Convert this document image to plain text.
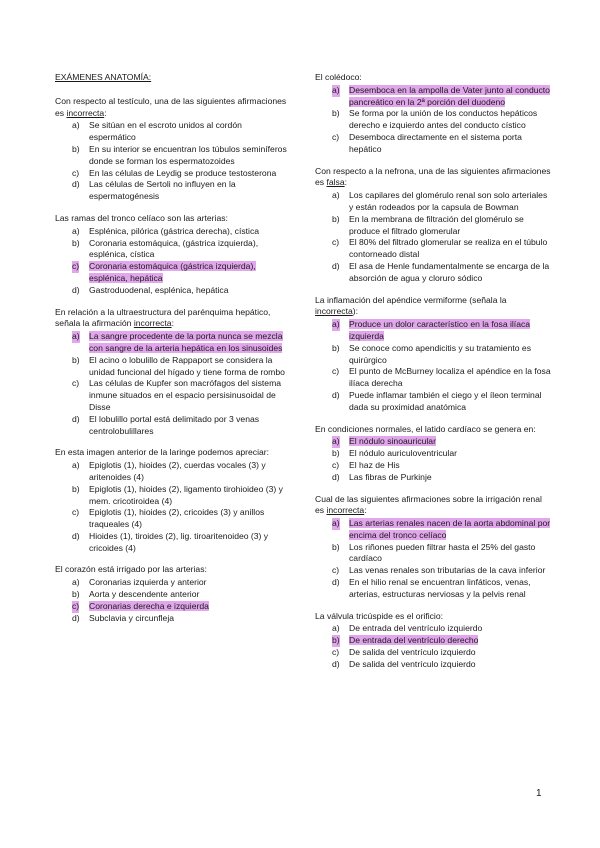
EXÁMENES ANATOMÍA:
Con respecto al testículo, una de las siguientes afirmaciones es incorrecta:
a) Se sitúan en el escroto unidos al cordón espermático
b) En su interior se encuentran los túbulos seminíferos donde se forman los espermatozoides
c) En las células de Leydig se produce testosterona
d) Las células de Sertoli no influyen en la espermatogénesis
Las ramas del tronco celíaco son las arterias:
a) Esplénica, pilórica (gástrica derecha), cística
b) Coronaria estomáquica, (gástrica izquierda), esplénica, cística
c) Coronaria estomáquica (gástrica izquierda), esplénica, hepática
d) Gastroduodenal, esplénica, hepática
En relación a la ultraestructura del parénquima hepático, señala la afirmación incorrecta:
a) La sangre procedente de la porta nunca se mezcla con sangre de la arteria hepática en los sinusoides
b) El acino o lobulillo de Rappaport se considera la unidad funcional del hígado y tiene forma de rombo
c) Las células de Kupfer son macrófagos del sistema inmune situados en el espacio persisinusoidal de Disse
d) El lobulillo portal está delimitado por 3 venas centrolobulillares
En esta imagen anterior de la laringe podemos apreciar:
a) Epiglotis (1), hioides (2), cuerdas vocales (3) y aritenoides (4)
b) Epiglotis (1), hioides (2), ligamento tirohioideo (3) y mem. cricotiroidea (4)
c) Epiglotis (1), hioides (2), cricoides (3) y anillos traqueales (4)
d) Hioides (1), tiroides (2), lig. tiroaritenoideo (3) y cricoides (4)
El corazón está irrigado por las arterias:
a) Coronarias izquierda y anterior
b) Aorta y descendente anterior
c) Coronarias derecha e izquierda
d) Subclavia y circunfleja
El colédoco:
a) Desemboca en la ampolla de Vater junto al conducto pancreático en la 2ª porción del duodeno
b) Se forma por la unión de los conductos hepáticos derecho e izquierdo antes del conducto cístico
c) Desemboca directamente en el sistema porta hepático
Con respecto a la nefrona, una de las siguientes afirmaciones es falsa:
a) Los capilares del glomérulo renal son solo arteriales y están rodeados por la capsula de Bowman
b) En la membrana de filtración del glomérulo se produce el filtrado glomerular
c) El 80% del filtrado glomerular se realiza en el túbulo contorneado distal
d) El asa de Henle fundamentalmente se encarga de la absorción de agua y cloruro sódico
La inflamación del apéndice vermiforme (señala la incorrecta):
a) Produce un dolor característico en la fosa ilíaca izquierda
b) Se conoce como apendicitis y su tratamiento es quirúrgico
c) El punto de McBurney localiza el apéndice en la fosa ilíaca derecha
d) Puede inflamar también el ciego y el íleon terminal dada su proximidad anatómica
En condiciones normales, el latido cardíaco se genera en:
a) El nódulo sinoauricular
b) El nódulo auriculoventricular
c) El haz de His
d) Las fibras de Purkinje
Cual de las siguientes afirmaciones sobre la irrigación renal es incorrecta:
a) Las arterias renales nacen de la aorta abdominal por encima del tronco celíaco
b) Los riñones pueden filtrar hasta el 25% del gasto cardíaco
c) Las venas renales son tributarias de la cava inferior
d) En el hilio renal se encuentran linfáticos, venas, arterias, estructuras nerviosas y la pelvis renal
La válvula tricúspide es el orificio:
a) De entrada del ventrículo izquierdo
b) De entrada del ventrículo derecho
c) De salida del ventrículo izquierdo
d) De salida del ventrículo izquierdo
1
